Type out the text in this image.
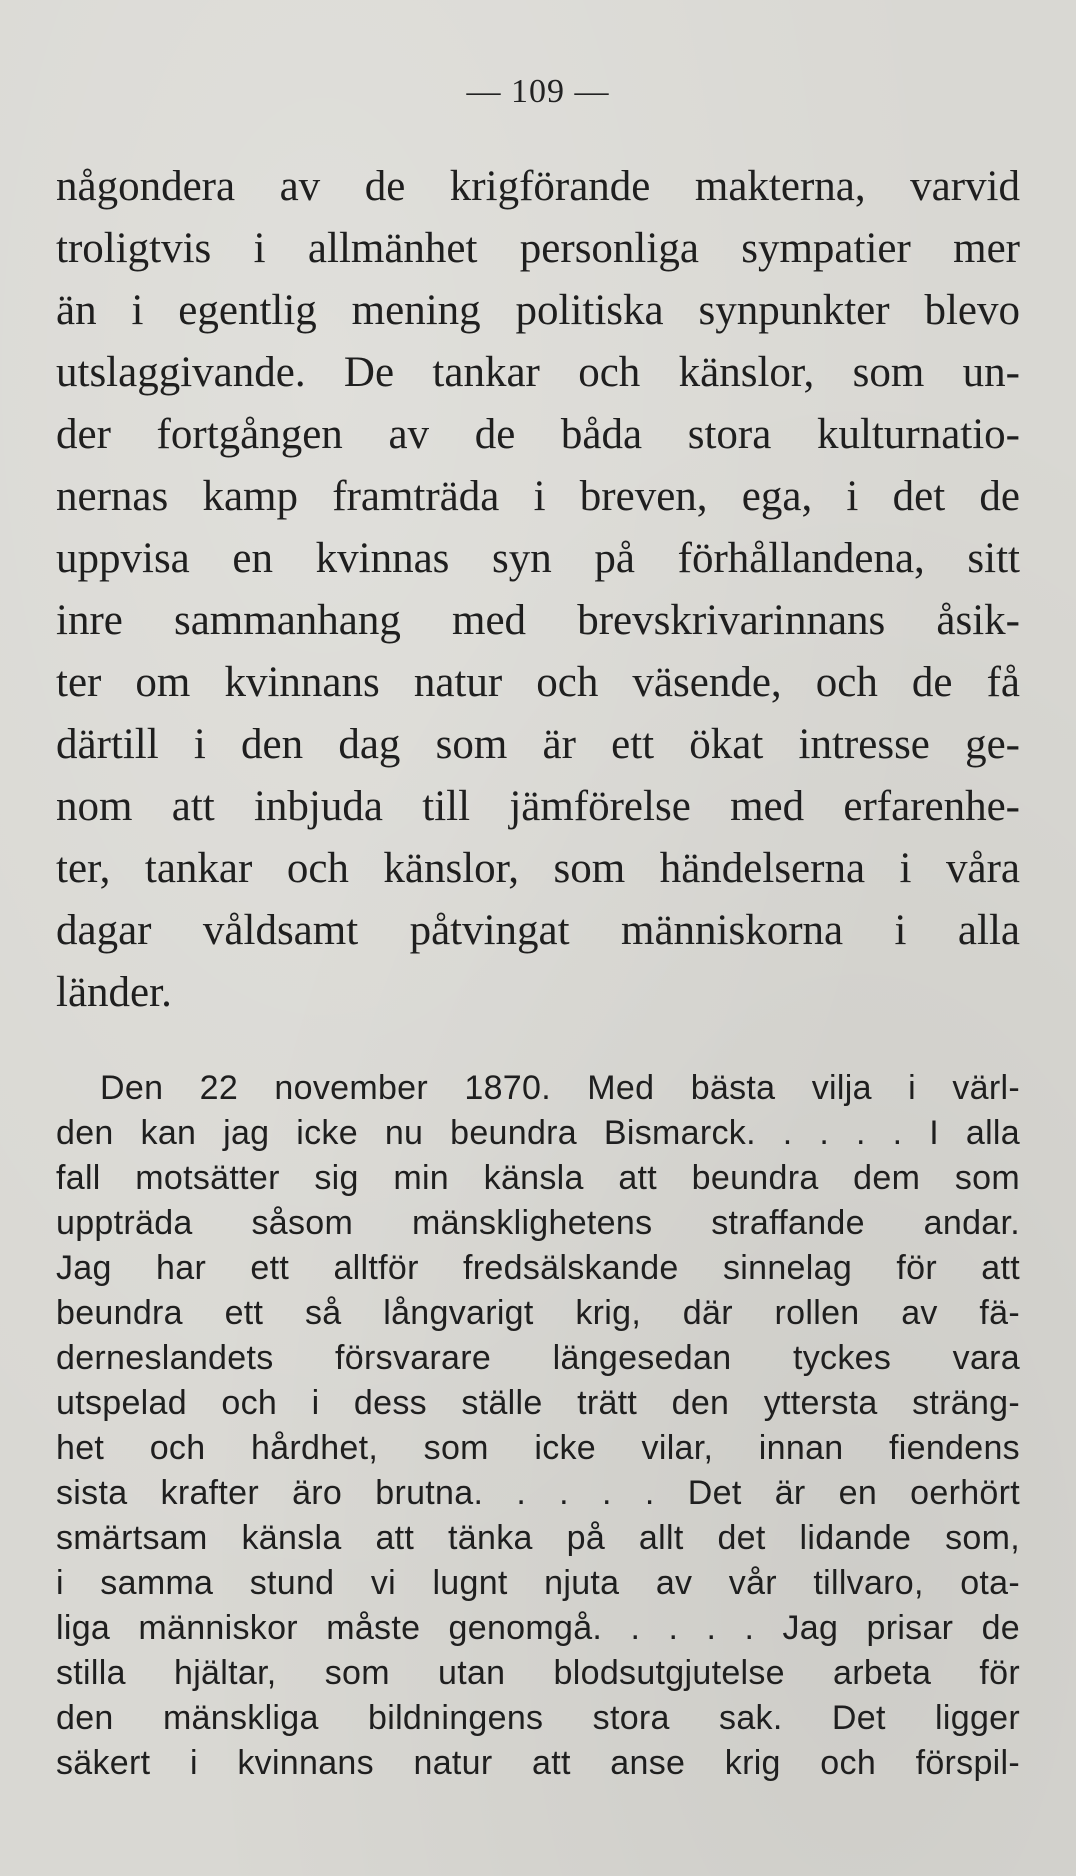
— 109 —
någondera av de krigförande makterna, varvid
troligtvis i allmänhet personliga sympatier mer
än i egentlig mening politiska synpunkter blevo
utslaggivande. De tankar och känslor, som un-
der fortgången av de båda stora kulturnatio-
nernas kamp framträda i breven, ega, i det de
uppvisa en kvinnas syn på förhållandena, sitt
inre sammanhang med brevskrivarinnans åsik-
ter om kvinnans natur och väsende, och de få
därtill i den dag som är ett ökat intresse ge-
nom att inbjuda till jämförelse med erfarenhe-
ter, tankar och känslor, som händelserna i våra
dagar våldsamt påtvingat människorna i alla
länder.
Den 22 november 1870. Med bästa vilja i värl-
den kan jag icke nu beundra Bismarck. . . . . I alla
fall motsätter sig min känsla att beundra dem som
uppträda såsom mänsklighetens straffande andar.
Jag har ett alltför fredsälskande sinnelag för att
beundra ett så långvarigt krig, där rollen av fä-
derneslandets försvarare längesedan tyckes vara
utspelad och i dess ställe trätt den yttersta sträng-
het och hårdhet, som icke vilar, innan fiendens
sista krafter äro brutna. . . . . Det är en oerhört
smärtsam känsla att tänka på allt det lidande som,
i samma stund vi lugnt njuta av vår tillvaro, ota-
liga människor måste genomgå. . . . . Jag prisar de
stilla hjältar, som utan blodsutgjutelse arbeta för
den mänskliga bildningens stora sak. Det ligger
säkert i kvinnans natur att anse krig och förspil-
